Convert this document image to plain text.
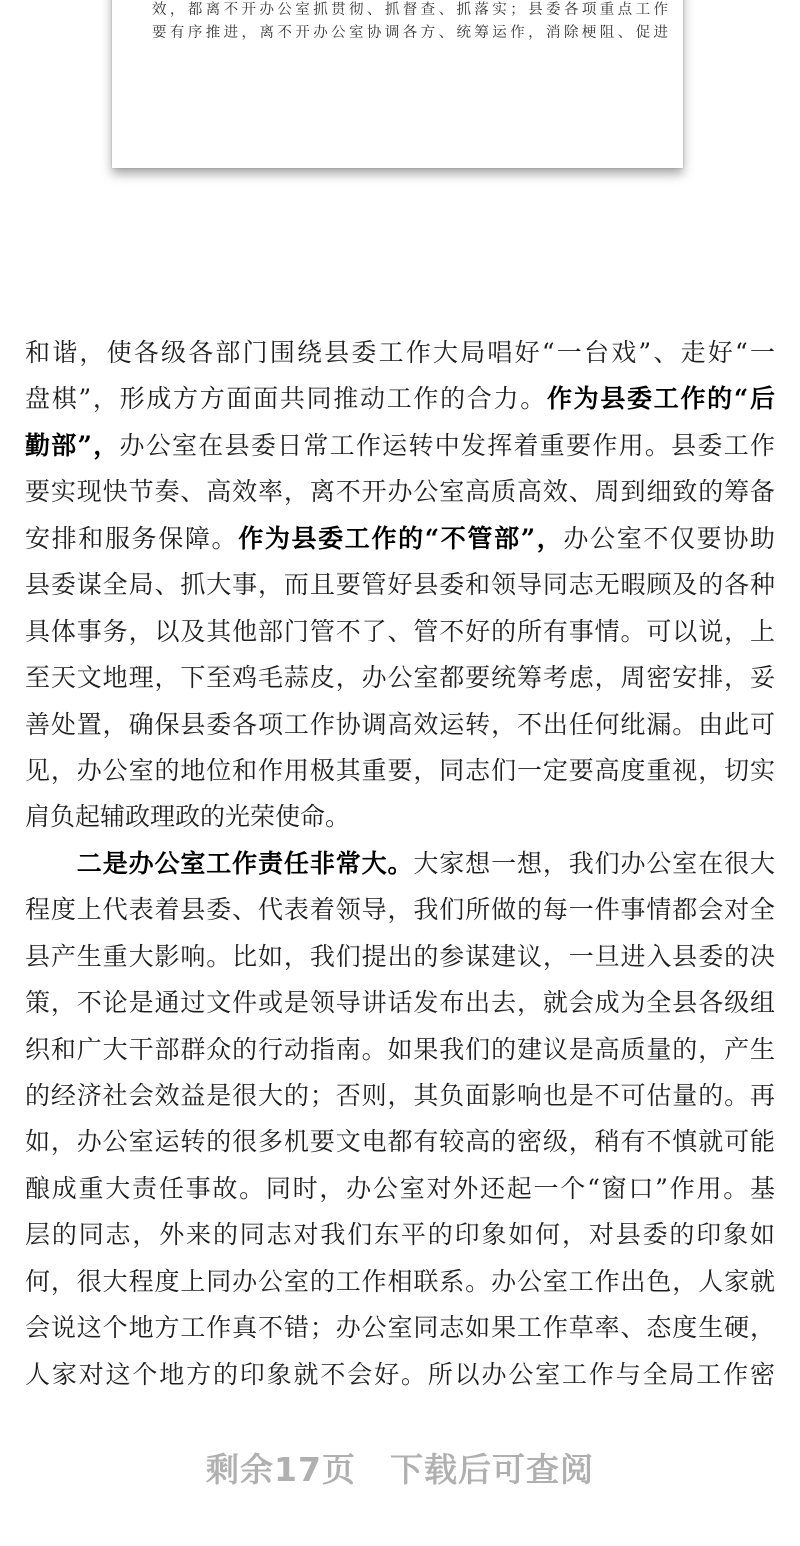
效，都离不开办公室抓贯彻、抓督查、抓落实；县委各项重点工作
要有序推进，离不开办公室协调各方、统筹运作，消除梗阻、促进
和谐，使各级各部门围绕县委工作大局唱好“一台戏”、走好“一
盘棋”，形成方方面面共同推动工作的合力。作为县委工作的“后
勤部”，办公室在县委日常工作运转中发挥着重要作用。县委工作
要实现快节奏、高效率，离不开办公室高质高效、周到细致的筹备
安排和服务保障。作为县委工作的“不管部”，办公室不仅要协助
县委谋全局、抓大事，而且要管好县委和领导同志无暇顾及的各种
具体事务，以及其他部门管不了、管不好的所有事情。可以说，上
至天文地理，下至鸡毛蒜皮，办公室都要统筹考虑，周密安排，妥
善处置，确保县委各项工作协调高效运转，不出任何纰漏。由此可
见，办公室的地位和作用极其重要，同志们一定要高度重视，切实
肩负起辅政理政的光荣使命。
　　二是办公室工作责任非常大。大家想一想，我们办公室在很大
程度上代表着县委、代表着领导，我们所做的每一件事情都会对全
县产生重大影响。比如，我们提出的参谋建议，一旦进入县委的决
策，不论是通过文件或是领导讲话发布出去，就会成为全县各级组
织和广大干部群众的行动指南。如果我们的建议是高质量的，产生
的经济社会效益是很大的；否则，其负面影响也是不可估量的。再
如，办公室运转的很多机要文电都有较高的密级，稍有不慎就可能
酿成重大责任事故。同时，办公室对外还起一个“窗口”作用。基
层的同志，外来的同志对我们东平的印象如何，对县委的印象如
何，很大程度上同办公室的工作相联系。办公室工作出色，人家就
会说这个地方工作真不错；办公室同志如果工作草率、态度生硬，
人家对这个地方的印象就不会好。所以办公室工作与全局工作密
剩余17页 下载后可查阅
